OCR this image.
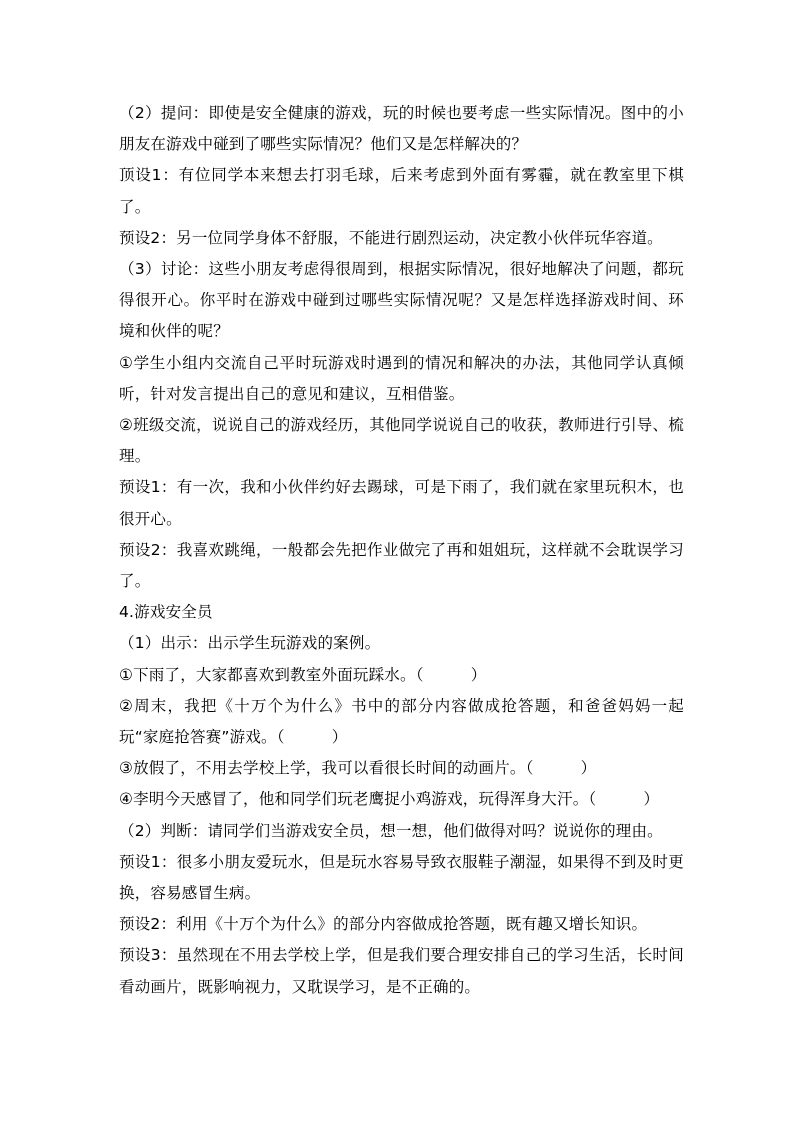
（2）提问：即使是安全健康的游戏，玩的时候也要考虑一些实际情况。图中的小朋友在游戏中碰到了哪些实际情况？他们又是怎样解决的？

顶设1：有位同学本来想去打羽毛球，后来考虑到外面有雾霾，就在教室里下棋了。

预设2：另一位同学身体不舒服，不能进行剧烈运动，决定教小伙伴玩华容道。

（3）讨论：这些小朋友考虑得很周到，根据实际情况，很好地解决了问题，都玩得很开心。你平时在游戏中碰到过哪些实际情况呢？又是怎样选择游戏时间、环境和伙伴的呢？

①学生小组内交流自己平时玩游戏时遇到的情况和解决的办法，其他同学认真倾听，针对发言提出自己的意见和建议，互相借鉴。

②班级交流，说说自己的游戏经历，其他同学说说自己的收获，教师进行引导、梳理。

预设1：有一次，我和小伙伴约好去踢球，可是下雨了，我们就在家里玩积木，也很开心。

预设2：我喜欢跳绳，一般都会先把作业做完了再和姐姐玩，这样就不会耽误学习了。

4.游戏安全员

（1）出示：出示学生玩游戏的案例。

①下雨了，大家都喜欢到教室外面玩踩水。（　　　）

②周末，我把《十万个为什么》书中的部分内容做成抢答题，和爸爸妈妈一起玩“家庭抢答赛”游戏。（　　　）

③放假了，不用去学校上学，我可以看很长时间的动画片。（　　　）

④李明今天感冒了，他和同学们玩老鹰捉小鸡游戏，玩得浑身大汗。（　　　）

（2）判断：请同学们当游戏安全员，想一想，他们做得对吗？说说你的理由。

预设1：很多小朋友爱玩水，但是玩水容易导致衣服鞋子潮湿，如果得不到及时更换，容易感冒生病。

预设2：利用《十万个为什么》的部分内容做成抢答题，既有趣又增长知识。

预设3：虽然现在不用去学校上学，但是我们要合理安排自己的学习生活，长时间看动画片，既影响视力，又耽误学习，是不正确的。
